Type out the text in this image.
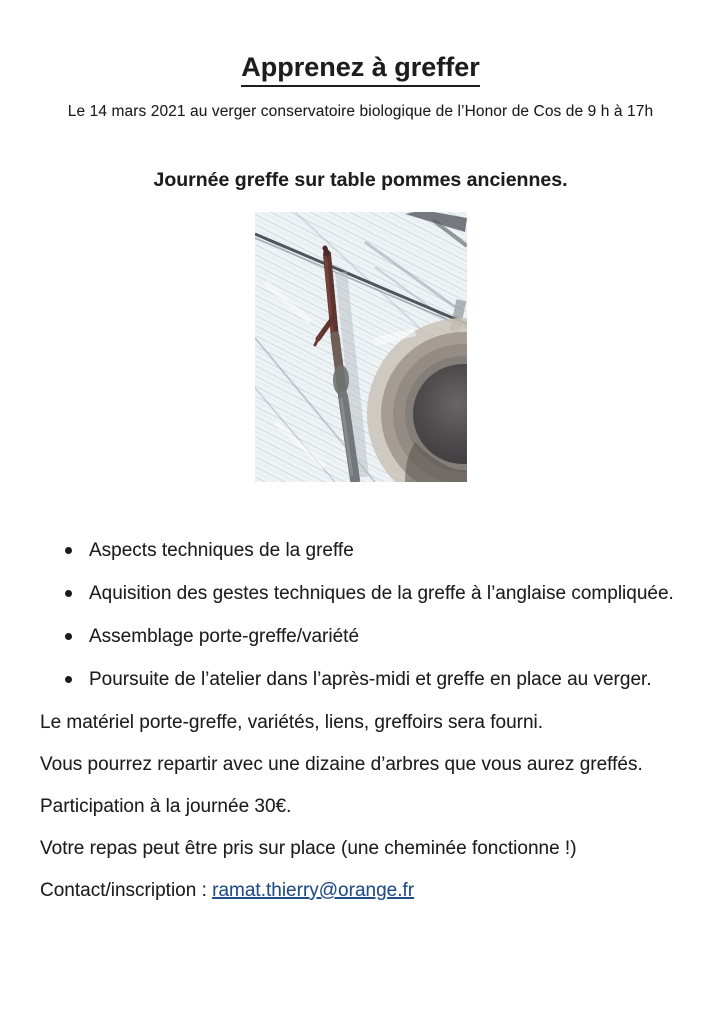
Apprenez à greffer

Le 14 mars 2021 au verger conservatoire biologique de l’Honor de Cos de 9 h à 17h

Journée greffe sur table pommes anciennes.
Aspects techniques de la greffe
Aquisition des gestes techniques de la greffe à l’anglaise compliquée.
Assemblage porte-greffe/variété
Poursuite de l’atelier dans l’après-midi et greffe en place au verger.

Le matériel porte-greffe, variétés, liens, greffoirs sera fourni.

Vous pourrez repartir avec une dizaine d’arbres que vous aurez greffés.

Participation à la journée 30€.

Votre repas peut être pris sur place (une cheminée fonctionne !)

Contact/inscription : ramat.thierry@orange.fr
